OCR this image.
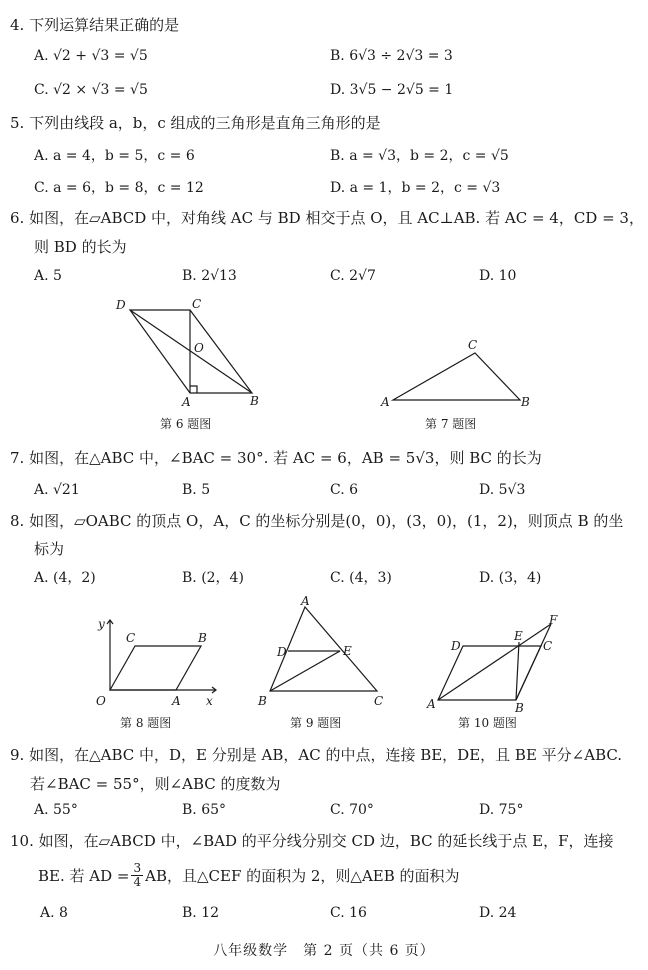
4. 下列运算结果正确的是
A. √2 + √3 = √5	B. 6√3 ÷ 2√3 = 3
C. √2 × √3 = √5	D. 3√5 − 2√5 = 1
5. 下列由线段 a，b，c 组成的三角形是直角三角形的是
A. a = 4，b = 5，c = 6	B. a = √3，b = 2，c = √5
C. a = 6，b = 8，c = 12	D. a = 1，b = 2，c = √3
6. 如图，在▱ABCD 中，对角线 AC 与 BD 相交于点 O，且 AC⊥AB. 若 AC = 4，CD = 3，
则 BD 的长为
A. 5	B. 2√13	C. 2√7	D. 10
D	C
O
A	B
第 6 题图
A
C
B
第 7 题图
7. 如图，在△ABC 中，∠BAC = 30°. 若 AC = 6，AB = 5√3，则 BC 的长为
A. √21	B. 5	C. 6	D. 5√3
8. 如图，▱OABC 的顶点 O，A，C 的坐标分别是(0，0)，(3，0)，(1，2)，则顶点 B 的坐
标为
A. (4，2)	B. (2，4)	C. (4，3)	D. (3，4)
y
x
O	A
B
C
第 8 题图
A
D	E
B	C
第 9 题图
A	B
C
D
E
F
第 10 题图
9. 如图，在△ABC 中，D，E 分别是 AB，AC 的中点，连接 BE，DE，且 BE 平分∠ABC.
若∠BAC = 55°，则∠ABC 的度数为
A. 55°	B. 65°	C. 70°	D. 75°
10. 如图，在▱ABCD 中，∠BAD 的平分线分别交 CD 边，BC 的延长线于点 E，F，连接
BE. 若 AD = $\frac{3}{4}$ AB，且△CEF 的面积为 2，则△AEB 的面积为
A. 8	B. 12	C. 16	D. 24
八年级数学　第 2 页（共 6 页）
